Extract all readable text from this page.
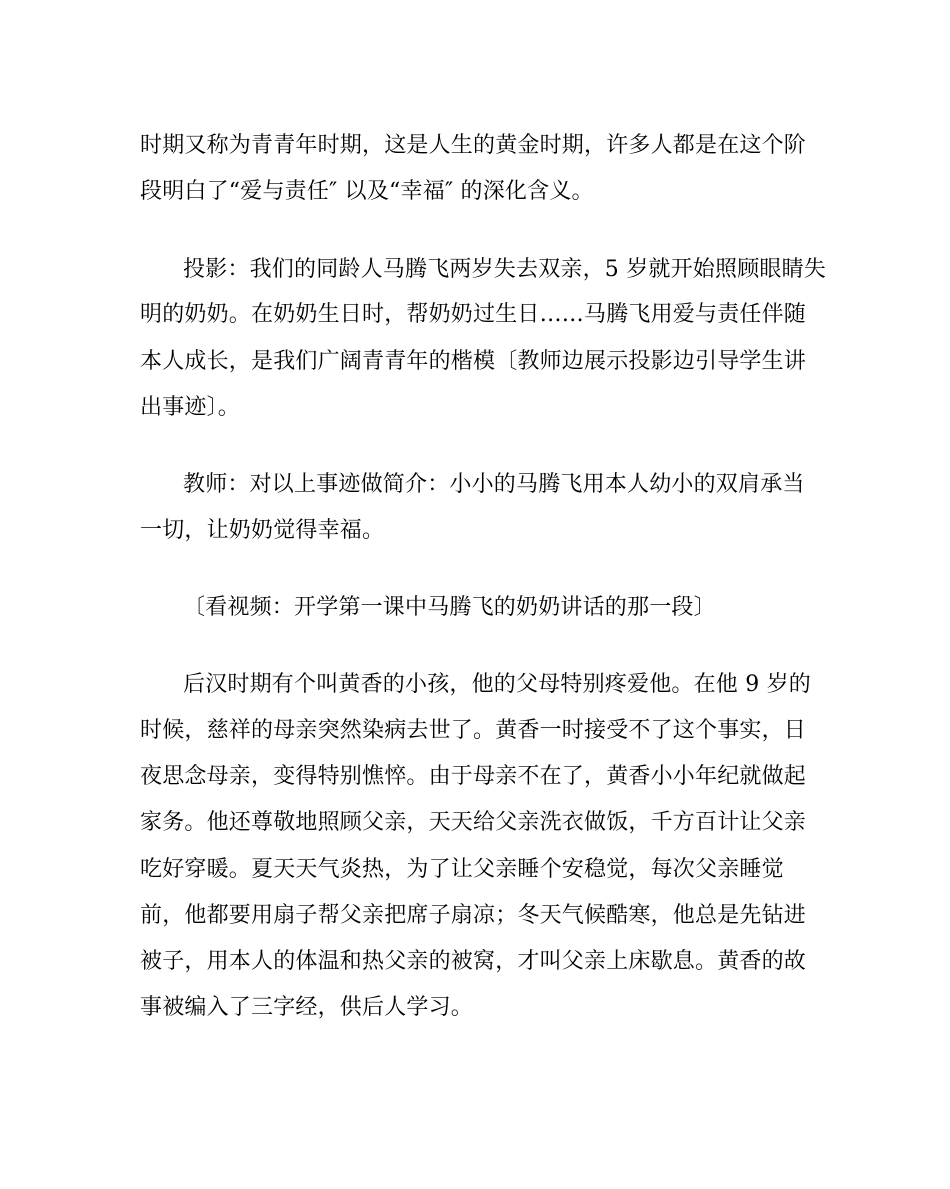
时期又称为青青年时期，这是人生的黄金时期，许多人都是在这个阶
段明白了“爱与责任″ 以及“幸福″ 的深化含义。
投影：我们的同龄人马腾飞两岁失去双亲，5 岁就开始照顾眼睛失
明的奶奶。在奶奶生日时，帮奶奶过生日……马腾飞用爱与责任伴随
本人成长，是我们广阔青青年的楷模〔教师边展示投影边引导学生讲
出事迹〕。
教师：对以上事迹做简介：小小的马腾飞用本人幼小的双肩承当
一切，让奶奶觉得幸福。
〔看视频：开学第一课中马腾飞的奶奶讲话的那一段〕
后汉时期有个叫黄香的小孩，他的父母特别疼爱他。在他 9 岁的
时候，慈祥的母亲突然染病去世了。黄香一时接受不了这个事实，日
夜思念母亲，变得特别憔悴。由于母亲不在了，黄香小小年纪就做起
家务。他还尊敬地照顾父亲，天天给父亲洗衣做饭，千方百计让父亲
吃好穿暖。夏天天气炎热，为了让父亲睡个安稳觉，每次父亲睡觉
前，他都要用扇子帮父亲把席子扇凉；冬天气候酷寒，他总是先钻进
被子，用本人的体温和热父亲的被窝，才叫父亲上床歇息。黄香的故
事被编入了三字经，供后人学习。
